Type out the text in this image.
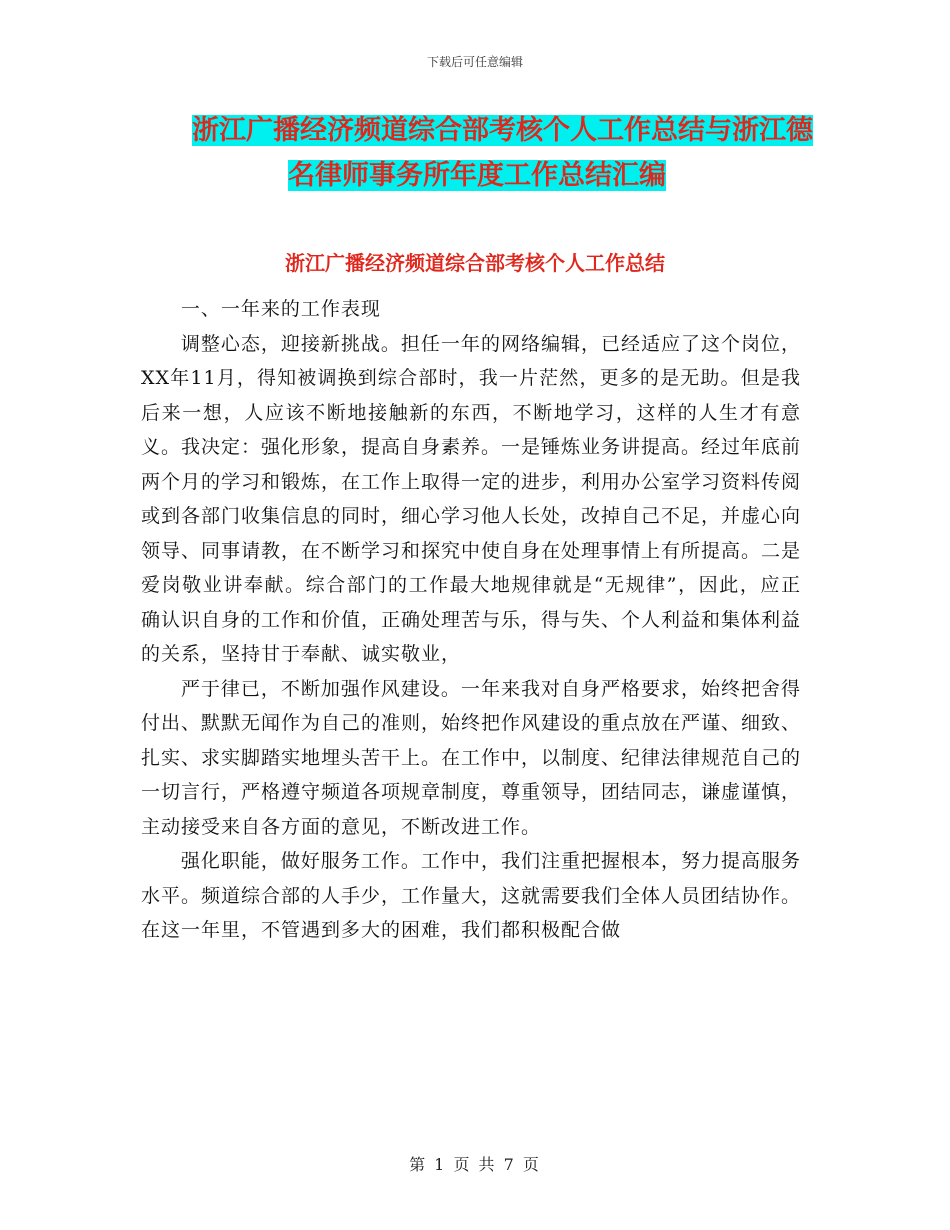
下载后可任意编辑
浙江广播经济频道综合部考核个人工作总结与浙江德
名律师事务所年度工作总结汇编
浙江广播经济频道综合部考核个人工作总结

一、一年来的工作表现

调整心态，迎接新挑战。担任一年的网络编辑，已经适应了这个岗位，XX年11月，得知被调换到综合部时，我一片茫然，更多的是无助。但是我后来一想，人应该不断地接触新的东西，不断地学习，这样的人生才有意义。我决定：强化形象，提高自身素养。一是锤炼业务讲提高。经过年底前两个月的学习和锻炼，在工作上取得一定的进步，利用办公室学习资料传阅或到各部门收集信息的同时，细心学习他人长处，改掉自己不足，并虚心向领导、同事请教，在不断学习和探究中使自身在处理事情上有所提高。二是爱岗敬业讲奉献。综合部门的工作最大地规律就是“无规律”，因此，应正确认识自身的工作和价值，正确处理苦与乐，得与失、个人利益和集体利益的关系，坚持甘于奉献、诚实敬业，

严于律已，不断加强作风建设。一年来我对自身严格要求，始终把舍得付出、默默无闻作为自己的准则，始终把作风建设的重点放在严谨、细致、扎实、求实脚踏实地埋头苦干上。在工作中，以制度、纪律法律规范自己的一切言行，严格遵守频道各项规章制度，尊重领导，团结同志，谦虚谨慎，主动接受来自各方面的意见，不断改进工作。

强化职能，做好服务工作。工作中，我们注重把握根本，努力提高服务水平。频道综合部的人手少，工作量大，这就需要我们全体人员团结协作。在这一年里，不管遇到多大的困难，我们都积极配合做

第 1 页 共 7 页
